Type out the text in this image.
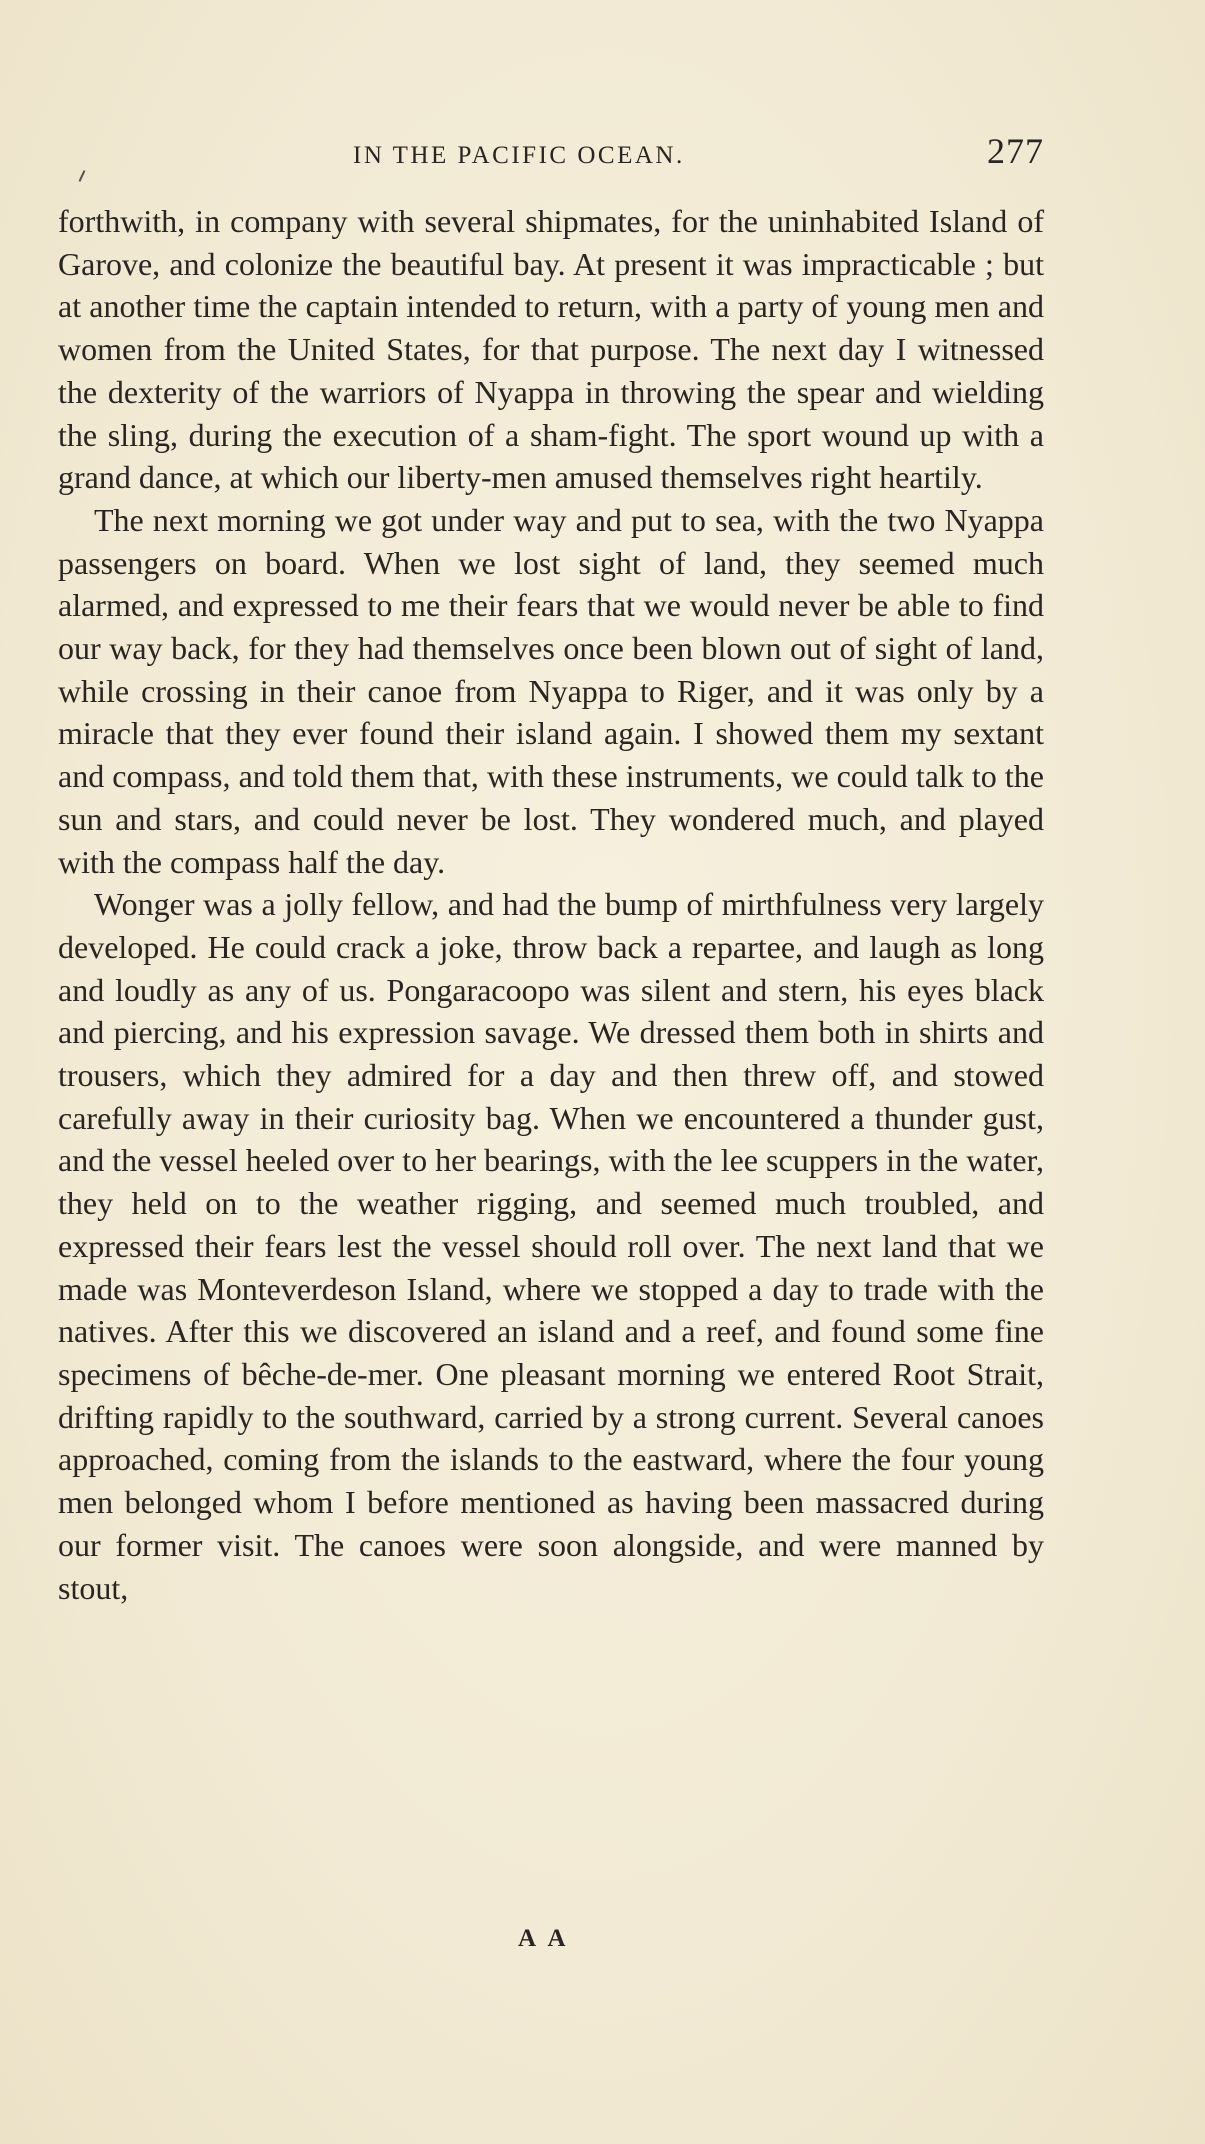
IN THE PACIFIC OCEAN.	277

forthwith, in company with several shipmates, for the uninhabited Island of Garove, and colonize the beautiful bay. At present it was impracticable ; but at another time the captain intended to return, with a party of young men and women from the United States, for that purpose. The next day I witnessed the dexterity of the warriors of Nyappa in throwing the spear and wielding the sling, during the execution of a sham-fight. The sport wound up with a grand dance, at which our liberty-men amused themselves right heartily.

The next morning we got under way and put to sea, with the two Nyappa passengers on board. When we lost sight of land, they seemed much alarmed, and expressed to me their fears that we would never be able to find our way back, for they had themselves once been blown out of sight of land, while crossing in their canoe from Nyappa to Riger, and it was only by a miracle that they ever found their island again. I showed them my sextant and compass, and told them that, with these instruments, we could talk to the sun and stars, and could never be lost. They wondered much, and played with the compass half the day.

Wonger was a jolly fellow, and had the bump of mirthfulness very largely developed. He could crack a joke, throw back a repartee, and laugh as long and loudly as any of us. Pongaracoopo was silent and stern, his eyes black and piercing, and his expression savage. We dressed them both in shirts and trousers, which they admired for a day and then threw off, and stowed carefully away in their curiosity bag. When we encountered a thunder gust, and the vessel heeled over to her bearings, with the lee scuppers in the water, they held on to the weather rigging, and seemed much troubled, and expressed their fears lest the vessel should roll over. The next land that we made was Monteverdeson Island, where we stopped a day to trade with the natives. After this we discovered an island and a reef, and found some fine specimens of bêche-de-mer. One pleasant morning we entered Root Strait, drifting rapidly to the southward, carried by a strong current. Several canoes approached, coming from the islands to the eastward, where the four young men belonged whom I before mentioned as having been massacred during our former visit. The canoes were soon alongside, and were manned by stout,

A A
